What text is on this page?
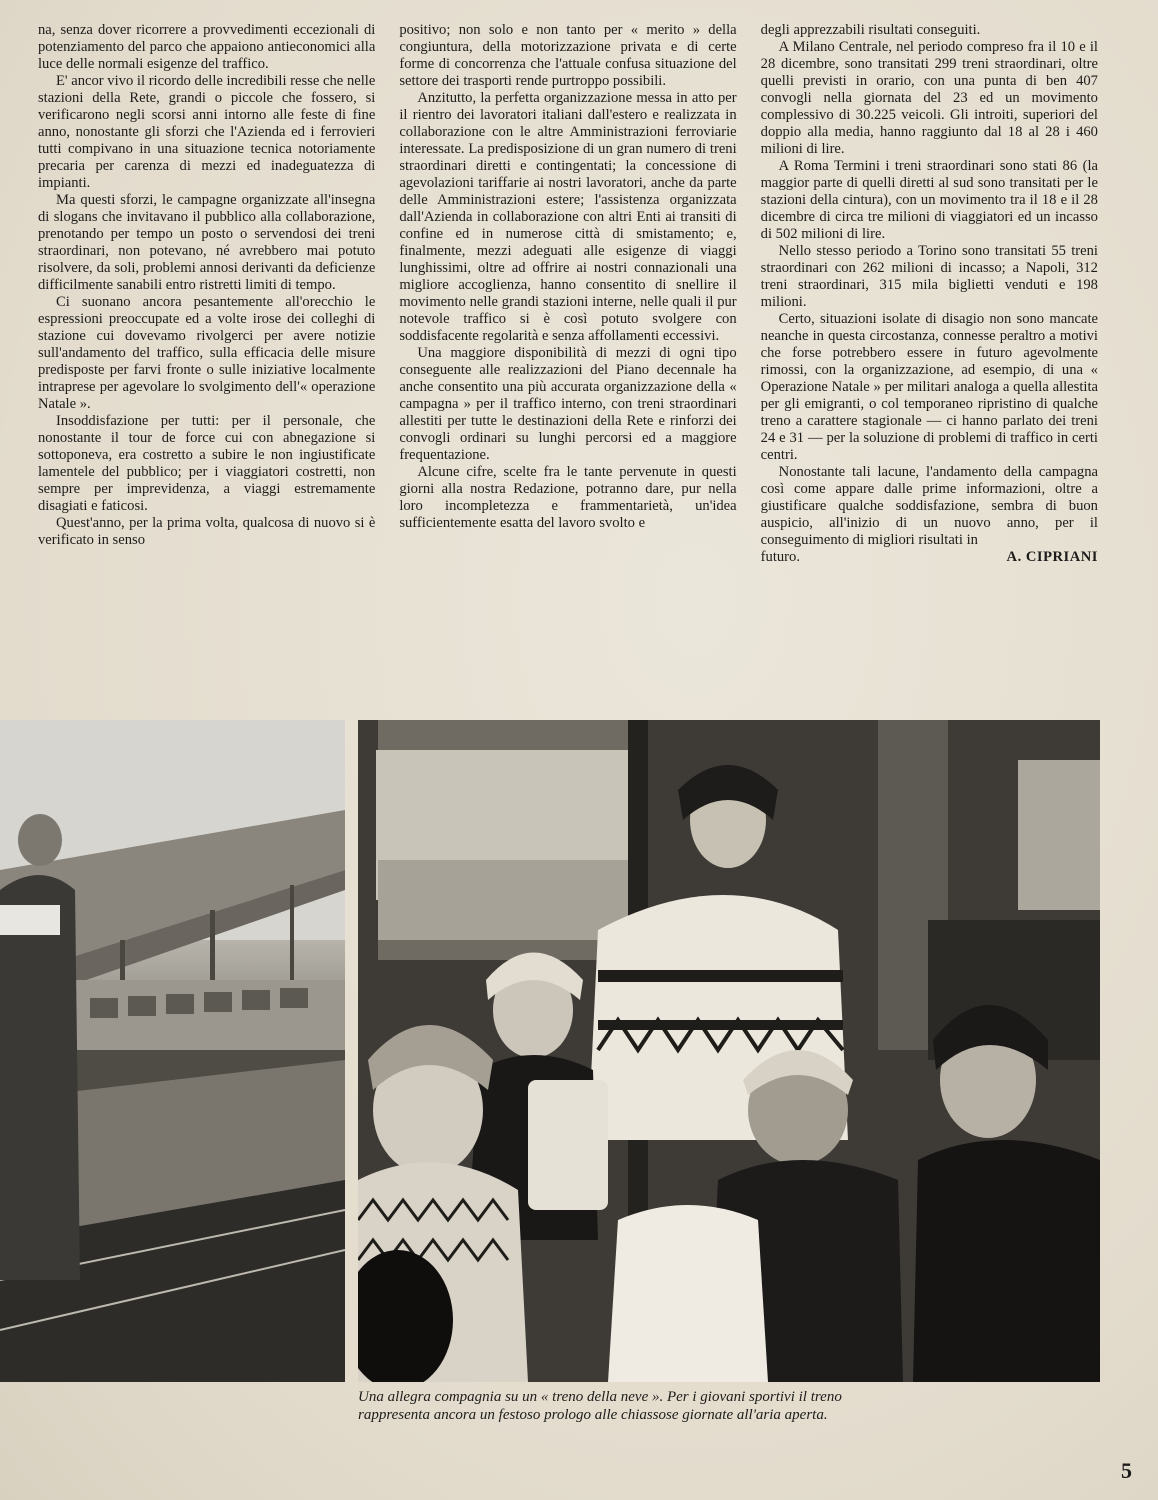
na, senza dover ricorrere a provvedimenti eccezionali di potenziamento del parco che appaiono antieconomici alla luce delle normali esigenze del traffico.

E' ancor vivo il ricordo delle incredibili resse che nelle stazioni della Rete, grandi o piccole che fossero, si verificarono negli scorsi anni intorno alle feste di fine anno, nonostante gli sforzi che l'Azienda ed i ferrovieri tutti compivano in una situazione tecnica notoriamente precaria per carenza di mezzi ed inadeguatezza di impianti.

Ma questi sforzi, le campagne organizzate all'insegna di slogans che invitavano il pubblico alla collaborazione, prenotando per tempo un posto o servendosi dei treni straordinari, non potevano, né avrebbero mai potuto risolvere, da soli, problemi annosi derivanti da deficienze difficilmente sanabili entro ristretti limiti di tempo.

Ci suonano ancora pesantemente all'orecchio le espressioni preoccupate ed a volte irose dei colleghi di stazione cui dovevamo rivolgerci per avere notizie sull'andamento del traffico, sulla efficacia delle misure predisposte per farvi fronte o sulle iniziative localmente intraprese per agevolare lo svolgimento dell'« operazione Natale ».

Insoddisfazione per tutti: per il personale, che nonostante il tour de force cui con abnegazione si sottoponeva, era costretto a subire le non ingiustificate lamentele del pubblico; per i viaggiatori costretti, non sempre per imprevidenza, a viaggi estremamente disagiati e faticosi.

Quest'anno, per la prima volta, qualcosa di nuovo si è verificato in senso

positivo; non solo e non tanto per « merito » della congiuntura, della motorizzazione privata e di certe forme di concorrenza che l'attuale confusa situazione del settore dei trasporti rende purtroppo possibili.

Anzitutto, la perfetta organizzazione messa in atto per il rientro dei lavoratori italiani dall'estero e realizzata in collaborazione con le altre Amministrazioni ferroviarie interessate. La predisposizione di un gran numero di treni straordinari diretti e contingentati; la concessione di agevolazioni tariffarie ai nostri lavoratori, anche da parte delle Amministrazioni estere; l'assistenza organizzata dall'Azienda in collaborazione con altri Enti ai transiti di confine ed in numerose città di smistamento; e, finalmente, mezzi adeguati alle esigenze di viaggi lunghissimi, oltre ad offrire ai nostri connazionali una migliore accoglienza, hanno consentito di snellire il movimento nelle grandi stazioni interne, nelle quali il pur notevole traffico si è così potuto svolgere con soddisfacente regolarità e senza affollamenti eccessivi.

Una maggiore disponibilità di mezzi di ogni tipo conseguente alle realizzazioni del Piano decennale ha anche consentito una più accurata organizzazione della « campagna » per il traffico interno, con treni straordinari allestiti per tutte le destinazioni della Rete e rinforzi dei convogli ordinari su lunghi percorsi ed a maggiore frequentazione.

Alcune cifre, scelte fra le tante pervenute in questi giorni alla nostra Redazione, potranno dare, pur nella loro incompletezza e frammentarietà, un'idea sufficientemente esatta del lavoro svolto e

degli apprezzabili risultati conseguiti.

A Milano Centrale, nel periodo compreso fra il 10 e il 28 dicembre, sono transitati 299 treni straordinari, oltre quelli previsti in orario, con una punta di ben 407 convogli nella giornata del 23 ed un movimento complessivo di 30.225 veicoli. Gli introiti, superiori del doppio alla media, hanno raggiunto dal 18 al 28 i 460 milioni di lire.

A Roma Termini i treni straordinari sono stati 86 (la maggior parte di quelli diretti al sud sono transitati per le stazioni della cintura), con un movimento tra il 18 e il 28 dicembre di circa tre milioni di viaggiatori ed un incasso di 502 milioni di lire.

Nello stesso periodo a Torino sono transitati 55 treni straordinari con 262 milioni di incasso; a Napoli, 312 treni straordinari, 315 mila biglietti venduti e 198 milioni.

Certo, situazioni isolate di disagio non sono mancate neanche in questa circostanza, connesse peraltro a motivi che forse potrebbero essere in futuro agevolmente rimossi, con la organizzazione, ad esempio, di una « Operazione Natale » per militari analoga a quella allestita per gli emigranti, o col temporaneo ripristino di qualche treno a carattere stagionale — ci hanno parlato dei treni 24 e 31 — per la soluzione di problemi di traffico in certi centri.

Nonostante tali lacune, l'andamento della campagna così come appare dalle prime informazioni, oltre a giustificare qualche soddisfazione, sembra di buon auspicio, all'inizio di un nuovo anno, per il conseguimento di migliori risultati in

futuro.	A. CIPRIANI
Una allegra compagnia su un « treno della neve ». Per i giovani sportivi il treno
rappresenta ancora un festoso prologo alle chiassose giornate all'aria aperta.
5
